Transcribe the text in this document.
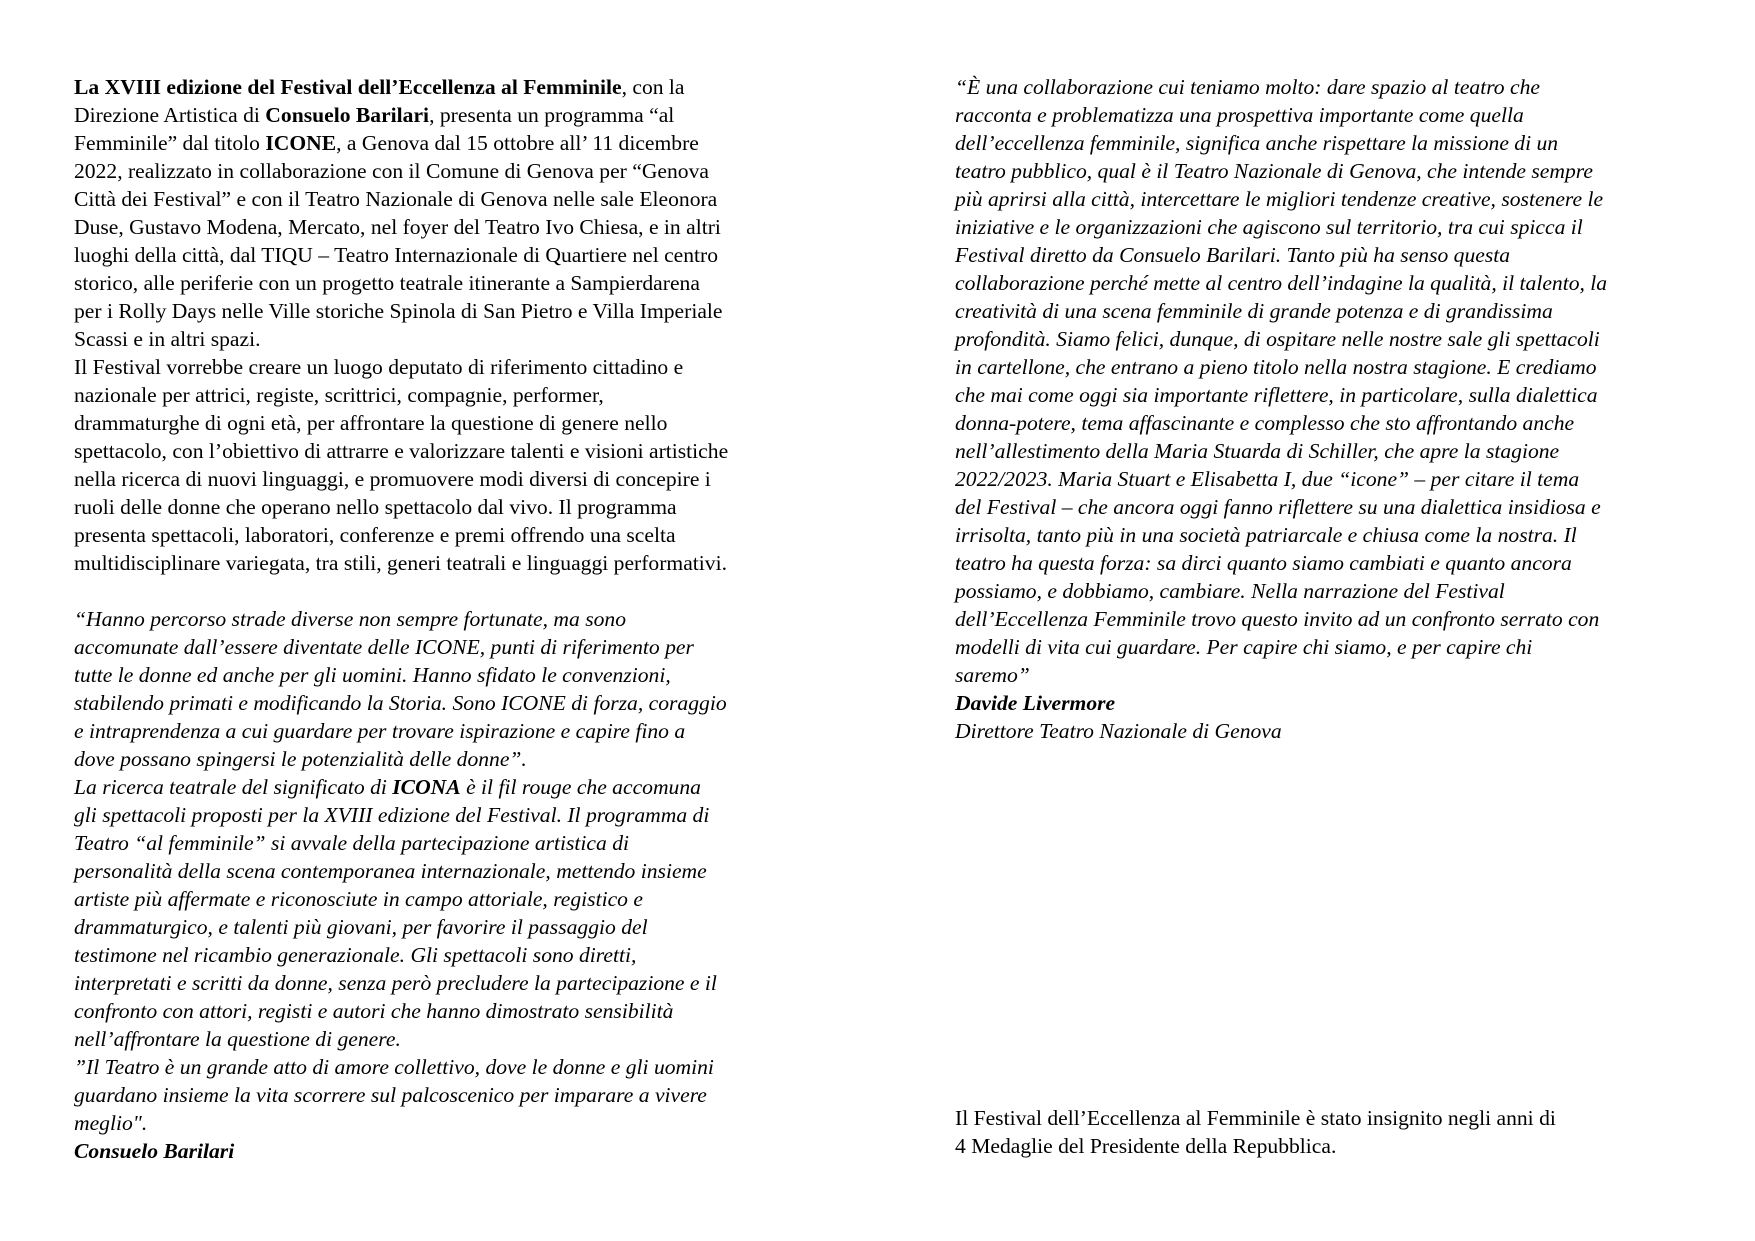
La XVIII edizione del Festival dell’Eccellenza al Femminile, con la
Direzione Artistica di Consuelo Barilari, presenta un programma “al
Femminile” dal titolo ICONE, a Genova dal 15 ottobre all’ 11 dicembre
2022, realizzato in collaborazione con il Comune di Genova per “Genova
Città dei Festival” e con il Teatro Nazionale di Genova nelle sale Eleonora
Duse, Gustavo Modena, Mercato, nel foyer del Teatro Ivo Chiesa, e in altri
luoghi della città, dal TIQU – Teatro Internazionale di Quartiere nel centro
storico, alle periferie con un progetto teatrale itinerante a Sampierdarena
per i Rolly Days nelle Ville storiche Spinola di San Pietro e Villa Imperiale
Scassi e in altri spazi.
Il Festival vorrebbe creare un luogo deputato di riferimento cittadino e
nazionale per attrici, registe, scrittrici, compagnie, performer,
drammaturghe di ogni età, per affrontare la questione di genere nello
spettacolo, con l’obiettivo di attrarre e valorizzare talenti e visioni artistiche
nella ricerca di nuovi linguaggi, e promuovere modi diversi di concepire i
ruoli delle donne che operano nello spettacolo dal vivo. Il programma
presenta spettacoli, laboratori, conferenze e premi offrendo una scelta
multidisciplinare variegata, tra stili, generi teatrali e linguaggi performativi.
“Hanno percorso strade diverse non sempre fortunate, ma sono
accomunate dall’essere diventate delle ICONE, punti di riferimento per
tutte le donne ed anche per gli uomini. Hanno sfidato le convenzioni,
stabilendo primati e modificando la Storia. Sono ICONE di forza, coraggio
e intraprendenza a cui guardare per trovare ispirazione e capire fino a
dove possano spingersi le potenzialità delle donne”.
La ricerca teatrale del significato di ICONA è il fil rouge che accomuna
gli spettacoli proposti per la XVIII edizione del Festival. Il programma di
Teatro “al femminile” si avvale della partecipazione artistica di
personalità della scena contemporanea internazionale, mettendo insieme
artiste più affermate e riconosciute in campo attoriale, registico e
drammaturgico, e talenti più giovani, per favorire il passaggio del
testimone nel ricambio generazionale. Gli spettacoli sono diretti,
interpretati e scritti da donne, senza però precludere la partecipazione e il
confronto con attori, registi e autori che hanno dimostrato sensibilità
nell’affrontare la questione di genere.
”Il Teatro è un grande atto di amore collettivo, dove le donne e gli uomini
guardano insieme la vita scorrere sul palcoscenico per imparare a vivere
meglio".
Consuelo Barilari
“È una collaborazione cui teniamo molto: dare spazio al teatro che
racconta e problematizza una prospettiva importante come quella
dell’eccellenza femminile, significa anche rispettare la missione di un
teatro pubblico, qual è il Teatro Nazionale di Genova, che intende sempre
più aprirsi alla città, intercettare le migliori tendenze creative, sostenere le
iniziative e le organizzazioni che agiscono sul territorio, tra cui spicca il
Festival diretto da Consuelo Barilari. Tanto più ha senso questa
collaborazione perché mette al centro dell’indagine la qualità, il talento, la
creatività di una scena femminile di grande potenza e di grandissima
profondità. Siamo felici, dunque, di ospitare nelle nostre sale gli spettacoli
in cartellone, che entrano a pieno titolo nella nostra stagione. E crediamo
che mai come oggi sia importante riflettere, in particolare, sulla dialettica
donna-potere, tema affascinante e complesso che sto affrontando anche
nell’allestimento della Maria Stuarda di Schiller, che apre la stagione
2022/2023. Maria Stuart e Elisabetta I, due “icone” – per citare il tema
del Festival – che ancora oggi fanno riflettere su una dialettica insidiosa e
irrisolta, tanto più in una società patriarcale e chiusa come la nostra. Il
teatro ha questa forza: sa dirci quanto siamo cambiati e quanto ancora
possiamo, e dobbiamo, cambiare. Nella narrazione del Festival
dell’Eccellenza Femminile trovo questo invito ad un confronto serrato con
modelli di vita cui guardare. Per capire chi siamo, e per capire chi
saremo”
Davide Livermore
Direttore Teatro Nazionale di Genova
Il Festival dell’Eccellenza al Femminile è stato insignito negli anni di
4 Medaglie del Presidente della Repubblica.
